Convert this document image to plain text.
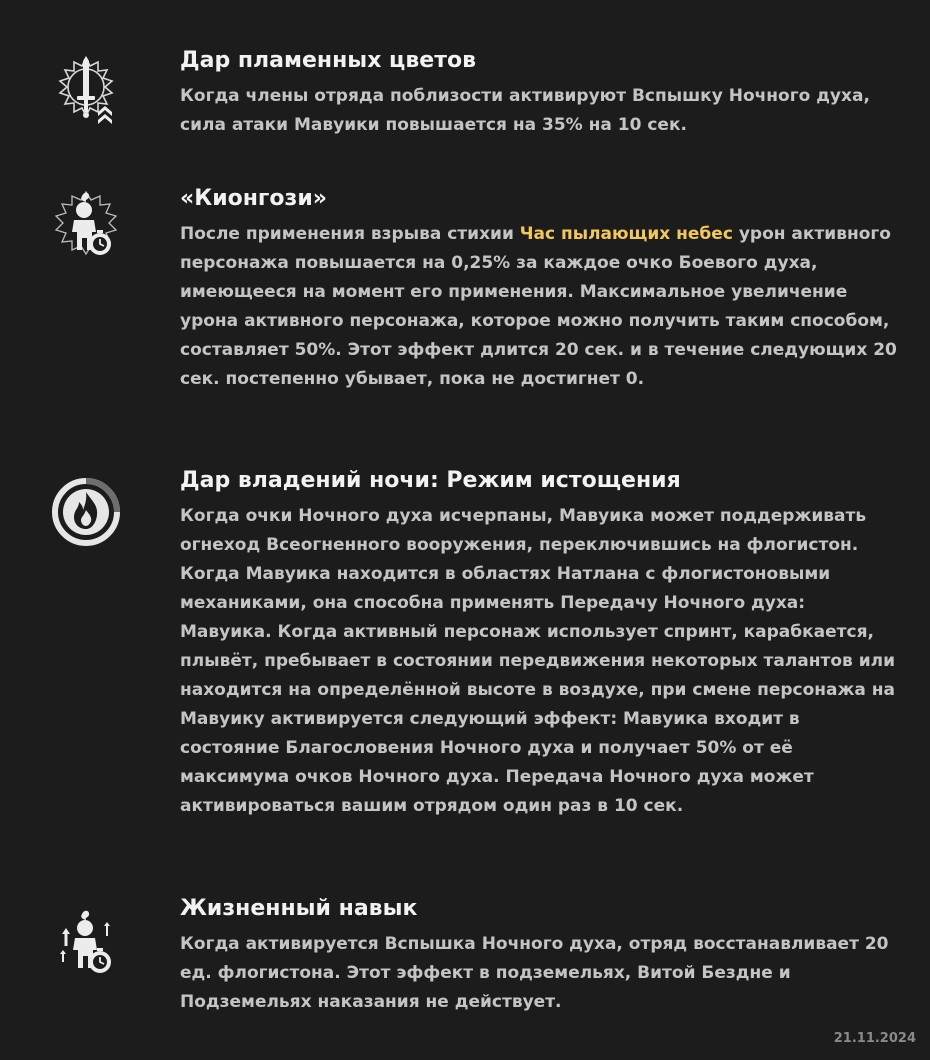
Дар пламенных цветов
Когда члены отряда поблизости активируют Вспышку Ночного духа, сила атаки Мавуики повышается на 35% на 10 сек.
«Кионгози»
После применения взрыва стихии Час пылающих небес урон активного персонажа повышается на 0,25% за каждое очко Боевого духа, имеющееся на момент его применения. Максимальное увеличение урона активного персонажа, которое можно получить таким способом, составляет 50%. Этот эффект длится 20 сек. и в течение следующих 20 сек. постепенно убывает, пока не достигнет 0.
Дар владений ночи: Режим истощения
Когда очки Ночного духа исчерпаны, Мавуика может поддерживать огнеход Всеогненного вооружения, переключившись на флогистон. Когда Мавуика находится в областях Натлана с флогистоновыми механиками, она способна применять Передачу Ночного духа: Мавуика. Когда активный персонаж использует спринт, карабкается, плывёт, пребывает в состоянии передвижения некоторых талантов или находится на определённой высоте в воздухе, при смене персонажа на Мавуику активируется следующий эффект: Мавуика входит в состояние Благословения Ночного духа и получает 50% от её максимума очков Ночного духа. Передача Ночного духа может активироваться вашим отрядом один раз в 10 сек.
Жизненный навык
Когда активируется Вспышка Ночного духа, отряд восстанавливает 20 ед. флогистона. Этот эффект в подземельях, Витой Бездне и Подземельях наказания не действует.
21.11.2024
